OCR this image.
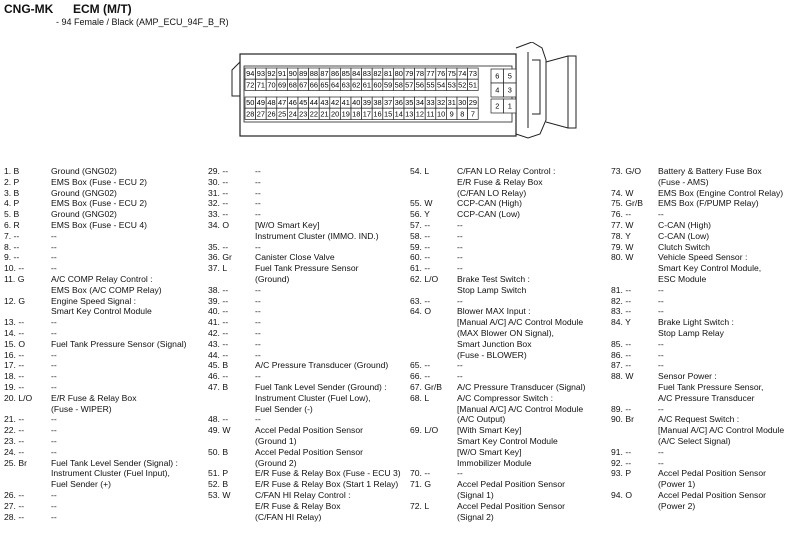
CNG-MK ECM (M/T)
- 94 Female / Black (AMP_ECU_94F_B_R)
94 93 92 91 90 89 88 87 86 85 84 83 82 81 80 79 78 77 76 75 74 73
72 71 70 69 68 67 66 65 64 63 62 61 60 59 58 57 56 55 54 53 52 51
50 49 48 47 46 45 44 43 42 41 40 39 38 37 36 35 34 33 32 31 30 29
28 27 26 25 24 23 22 21 20 19 18 17 16 15 14 13 12 11 10 9 8 7
6 5
4 3
2 1
1. B	Ground (GNG02)
2. P	EMS Box (Fuse - ECU 2)
3. B	Ground (GNG02)
4. P	EMS Box (Fuse - ECU 2)
5. B	Ground (GNG02)
6. R	EMS Box (Fuse - ECU 4)
7. --	--
8. --	--
9. --	--
10. --	--
11. G	A/C COMP Relay Control :
EMS Box (A/C COMP Relay)
12. G	Engine Speed Signal :
Smart Key Control Module
13. --	--
14. --	--
15. O	Fuel Tank Pressure Sensor (Signal)
16. --	--
17. --	--
18. --	--
19. --	--
20. L/O	E/R Fuse & Relay Box
(Fuse - WIPER)
21. --	--
22. --	--
23. --	--
24. --	--
25. Br	Fuel Tank Level Sender (Signal) :
Instrument Cluster (Fuel Input),
Fuel Sender (+)
26. --	--
27. --	--
28. --	--
29. --	--
30. --	--
31. --	--
32. --	--
33. --	--
34. O	[W/O Smart Key]
Instrument Cluster (IMMO. IND.)
35. --	--
36. Gr	Canister Close Valve
37. L	Fuel Tank Pressure Sensor
(Ground)
38. --	--
39. --	--
40. --	--
41. --	--
42. --	--
43. --	--
44. --	--
45. B	A/C Pressure Transducer (Ground)
46. --	--
47. B	Fuel Tank Level Sender (Ground) :
Instrument Cluster (Fuel Low),
Fuel Sender (-)
48. --	--
49. W	Accel Pedal Position Sensor
(Ground 1)
50. B	Accel Pedal Position Sensor
(Ground 2)
51. P	E/R Fuse & Relay Box (Fuse - ECU 3)
52. B	E/R Fuse & Relay Box (Start 1 Relay)
53. W	C/FAN HI Relay Control :
E/R Fuse & Relay Box
(C/FAN HI Relay)
54. L	C/FAN LO Relay Control :
E/R Fuse & Relay Box
(C/FAN LO Relay)
55. W	CCP-CAN (High)
56. Y	CCP-CAN (Low)
57. --	--
58. --	--
59. --	--
60. --	--
61. --	--
62. L/O	Brake Test Switch :
Stop Lamp Switch
63. --	--
64. O	Blower MAX Input :
[Manual A/C] A/C Control Module
(MAX Blower ON Signal),
Smart Junction Box
(Fuse - BLOWER)
65. --	--
66. --	--
67. Gr/B	A/C Pressure Transducer (Signal)
68. L	A/C Compressor Switch :
[Manual A/C] A/C Control Module
(A/C Output)
69. L/O	[With Smart Key]
Smart Key Control Module
[W/O Smart Key]
Immobilizer Module
70. --	--
71. G	Accel Pedal Position Sensor
(Signal 1)
72. L	Accel Pedal Position Sensor
(Signal 2)
73. G/O	Battery & Battery Fuse Box
(Fuse - AMS)
74. W	EMS Box (Engine Control Relay)
75. Gr/B	EMS Box (F/PUMP Relay)
76. --	--
77. W	C-CAN (High)
78. Y	C-CAN (Low)
79. W	Clutch Switch
80. W	Vehicle Speed Sensor :
Smart Key Control Module,
ESC Module
81. --	--
82. --	--
83. --	--
84. Y	Brake Light Switch :
Stop Lamp Relay
85. --	--
86. --	--
87. --	--
88. W	Sensor Power :
Fuel Tank Pressure Sensor,
A/C Pressure Transducer
89. --	--
90. Br	A/C Request Switch :
[Manual A/C] A/C Control Module
(A/C Select Signal)
91. --	--
92. --	--
93. P	Accel Pedal Position Sensor
(Power 1)
94. O	Accel Pedal Position Sensor
(Power 2)
